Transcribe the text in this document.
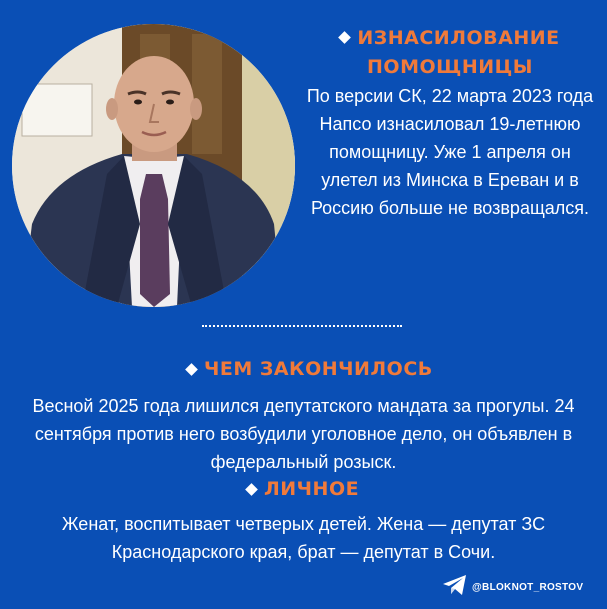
ИЗНАСИЛОВАНИЕ
ПОМОЩНИЦЫ
По версии СК, 22 марта 2023 года Напсо изнасиловал 19-летнюю помощницу. Уже 1 апреля он улетел из Минска в Ереван и в Россию больше не возвращался.
ЧЕМ ЗАКОНЧИЛОСЬ
Весной 2025 года лишился депутатского мандата за прогулы. 24 сентября против него возбудили уголовное дело, он объявлен в федеральный розыск.
ЛИЧНОЕ
Женат, воспитывает четверых детей. Жена — депутат ЗС Краснодарского края, брат — депутат в Сочи.
@BLOKNOT_ROSTOV
